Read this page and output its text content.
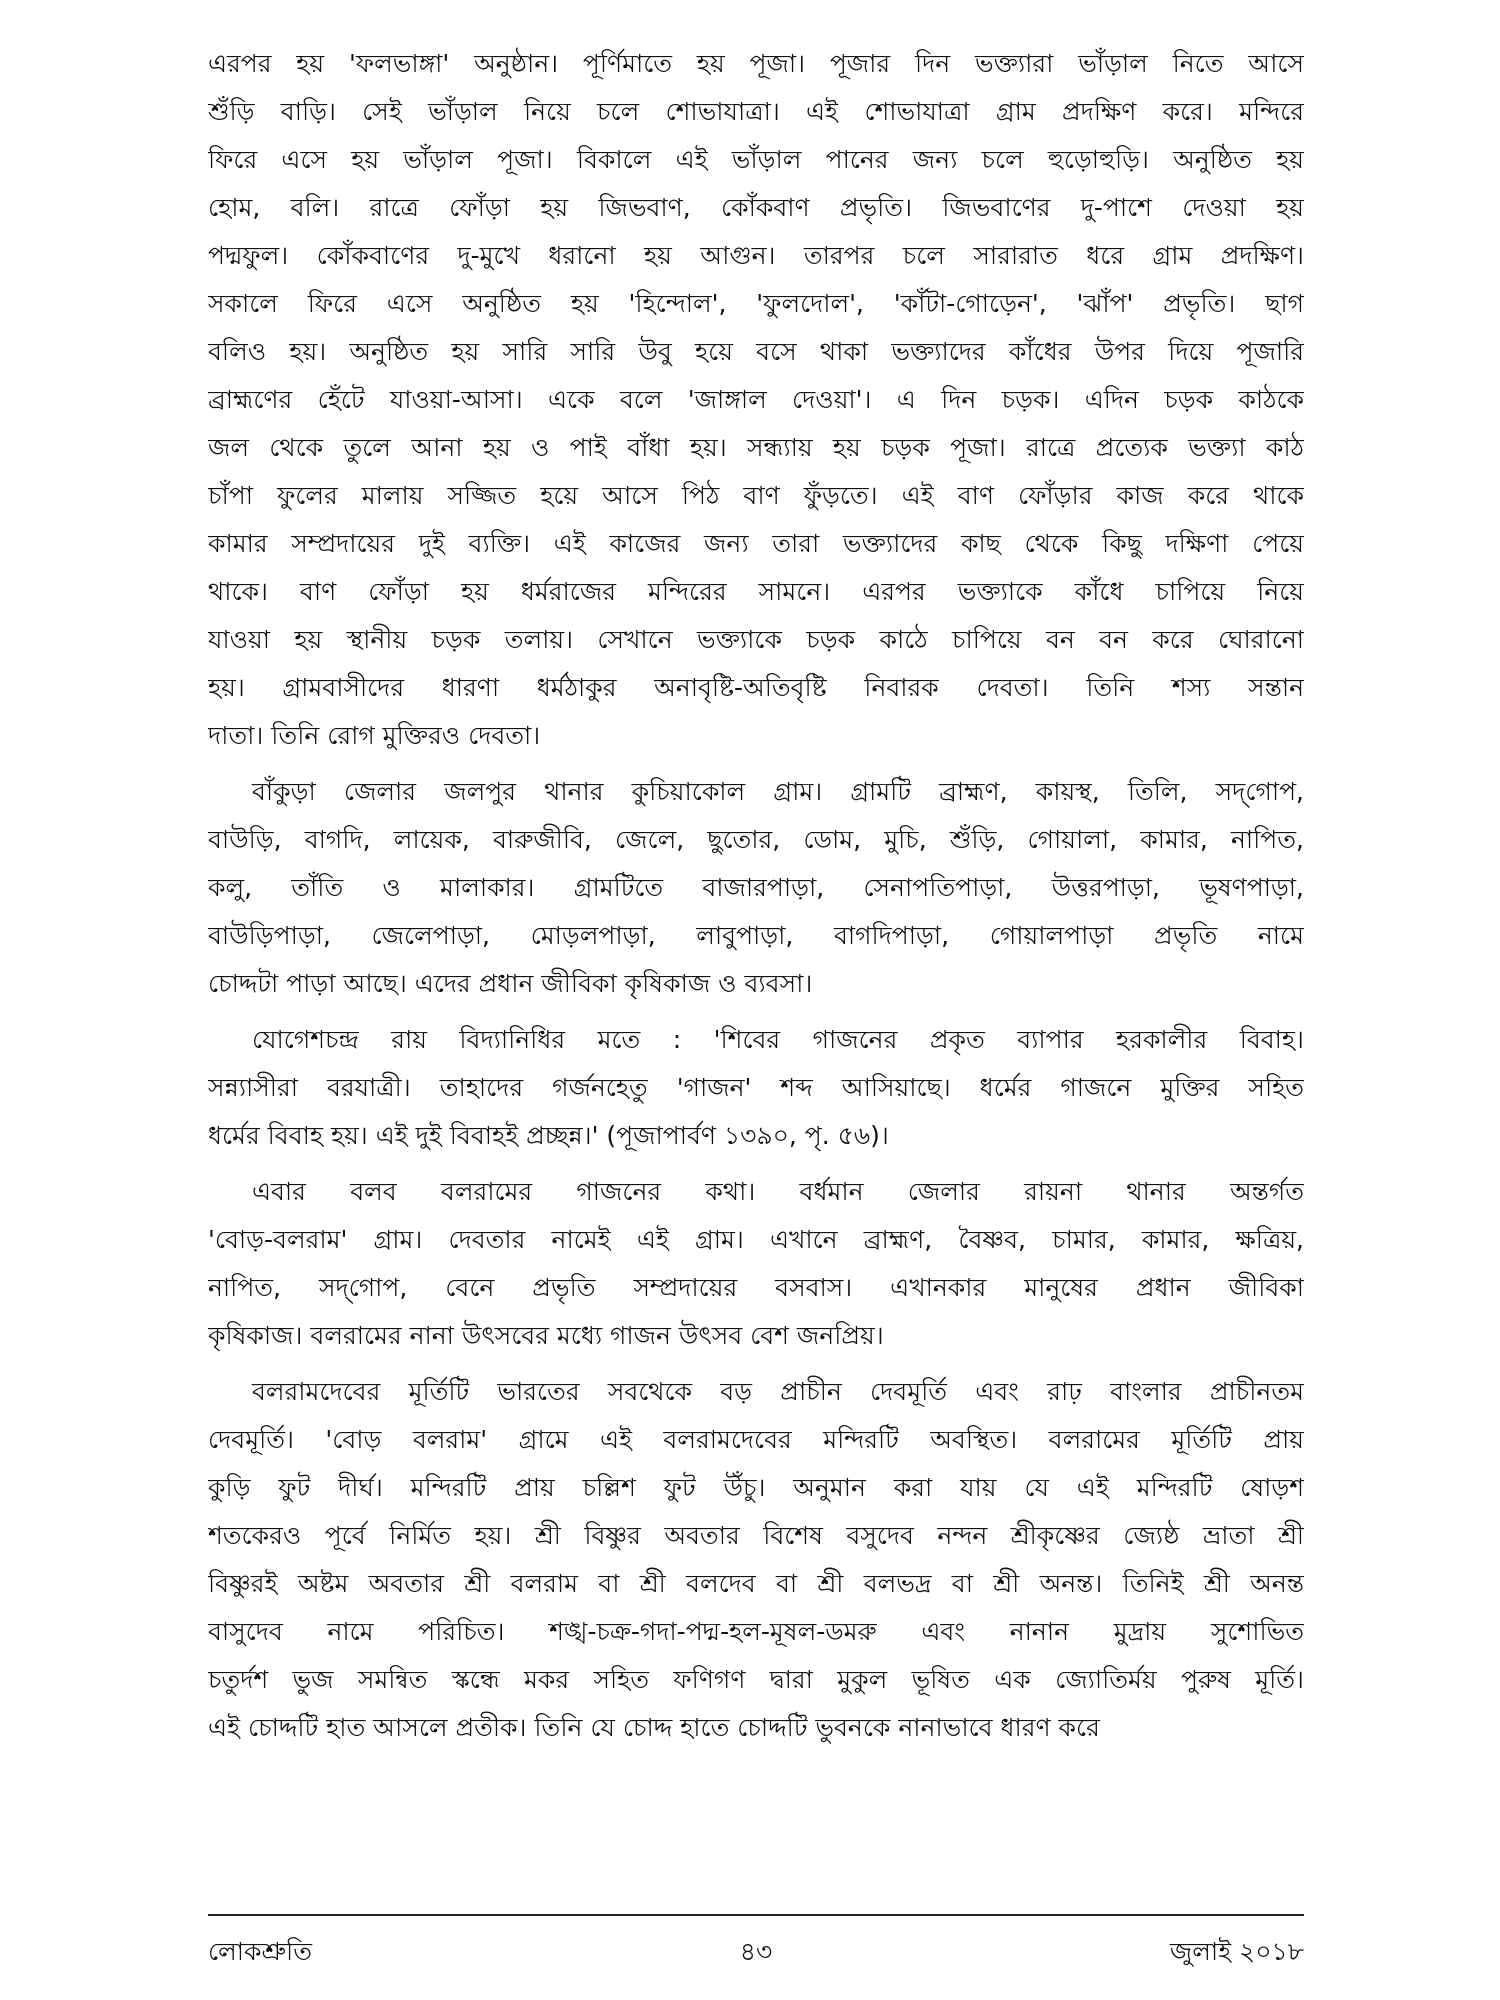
এরপর হয় 'ফলভাঙ্গা' অনুষ্ঠান। পূর্ণিমাতে হয় পূজা। পূজার দিন ভক্ত্যারা ভাঁড়াল নিতে আসে
শুঁড়ি বাড়ি। সেই ভাঁড়াল নিয়ে চলে শোভাযাত্রা। এই শোভাযাত্রা গ্রাম প্রদক্ষিণ করে। মন্দিরে
ফিরে এসে হয় ভাঁড়াল পূজা। বিকালে এই ভাঁড়াল পানের জন্য চলে হুড়োহুড়ি। অনুষ্ঠিত হয়
হোম, বলি। রাত্রে ফোঁড়া হয় জিভবাণ, কোঁকবাণ প্রভৃতি। জিভবাণের দু-পাশে দেওয়া হয়
পদ্মফুল। কোঁকবাণের দু-মুখে ধরানো হয় আগুন। তারপর চলে সারারাত ধরে গ্রাম প্রদক্ষিণ।
সকালে ফিরে এসে অনুষ্ঠিত হয় 'হিন্দোল', 'ফুলদোল', 'কাঁটা-গোড়েন', 'ঝাঁপ' প্রভৃতি। ছাগ
বলিও হয়। অনুষ্ঠিত হয় সারি সারি উবু হয়ে বসে থাকা ভক্ত্যাদের কাঁধের উপর দিয়ে পূজারি
ব্রাহ্মণের হেঁটে যাওয়া-আসা। একে বলে 'জাঙ্গাল দেওয়া'। এ দিন চড়ক। এদিন চড়ক কাঠকে
জল থেকে তুলে আনা হয় ও পাই বাঁধা হয়। সন্ধ্যায় হয় চড়ক পূজা। রাত্রে প্রত্যেক ভক্ত্যা কাঠ
চাঁপা ফুলের মালায় সজ্জিত হয়ে আসে পিঠ বাণ ফুঁড়তে। এই বাণ ফোঁড়ার কাজ করে থাকে
কামার সম্প্রদায়ের দুই ব্যক্তি। এই কাজের জন্য তারা ভক্ত্যাদের কাছ থেকে কিছু দক্ষিণা পেয়ে
থাকে। বাণ ফোঁড়া হয় ধর্মরাজের মন্দিরের সামনে। এরপর ভক্ত্যাকে কাঁধে চাপিয়ে নিয়ে
যাওয়া হয় স্থানীয় চড়ক তলায়। সেখানে ভক্ত্যাকে চড়ক কাঠে চাপিয়ে বন বন করে ঘোরানো
হয়। গ্রামবাসীদের ধারণা ধর্মঠাকুর অনাবৃষ্টি-অতিবৃষ্টি নিবারক দেবতা। তিনি শস্য সন্তান
দাতা। তিনি রোগ মুক্তিরও দেবতা।
বাঁকুড়া জেলার জলপুর থানার কুচিয়াকোল গ্রাম। গ্রামটি ব্রাহ্মণ, কায়স্থ, তিলি, সদ্‌গোপ,
বাউড়ি, বাগদি, লায়েক, বারুজীবি, জেলে, ছুতোর, ডোম, মুচি, শুঁড়ি, গোয়ালা, কামার, নাপিত,
কলু, তাঁতি ও মালাকার। গ্রামটিতে বাজারপাড়া, সেনাপতিপাড়া, উত্তরপাড়া, ভূষণপাড়া,
বাউড়িপাড়া, জেলেপাড়া, মোড়লপাড়া, লাবুপাড়া, বাগদিপাড়া, গোয়ালপাড়া প্রভৃতি নামে
চোদ্দটা পাড়া আছে। এদের প্রধান জীবিকা কৃষিকাজ ও ব্যবসা।
যোগেশচন্দ্র রায় বিদ্যানিধির মতে : 'শিবের গাজনের প্রকৃত ব্যাপার হরকালীর বিবাহ।
সন্ন্যাসীরা বরযাত্রী। তাহাদের গর্জনহেতু 'গাজন' শব্দ আসিয়াছে। ধর্মের গাজনে মুক্তির সহিত
ধর্মের বিবাহ হয়। এই দুই বিবাহই প্রচ্ছন্ন।' (পূজাপার্বণ ১৩৯০, পৃ. ৫৬)।
এবার বলব বলরামের গাজনের কথা। বর্ধমান জেলার রায়না থানার অন্তর্গত
'বোড়-বলরাম' গ্রাম। দেবতার নামেই এই গ্রাম। এখানে ব্রাহ্মণ, বৈষ্ণব, চামার, কামার, ক্ষত্রিয়,
নাপিত, সদ্‌গোপ, বেনে প্রভৃতি সম্প্রদায়ের বসবাস। এখানকার মানুষের প্রধান জীবিকা
কৃষিকাজ। বলরামের নানা উৎসবের মধ্যে গাজন উৎসব বেশ জনপ্রিয়।
বলরামদেবের মূর্তিটি ভারতের সবথেকে বড় প্রাচীন দেবমূর্তি এবং রাঢ় বাংলার প্রাচীনতম
দেবমূর্তি। 'বোড় বলরাম' গ্রামে এই বলরামদেবের মন্দিরটি অবস্থিত। বলরামের মূর্তিটি প্রায়
কুড়ি ফুট দীর্ঘ। মন্দিরটি প্রায় চল্লিশ ফুট উঁচু। অনুমান করা যায় যে এই মন্দিরটি ষোড়শ
শতকেরও পূর্বে নির্মিত হয়। শ্রী বিষ্ণুর অবতার বিশেষ বসুদেব নন্দন শ্রীকৃষ্ণের জ্যেষ্ঠ ভ্রাতা শ্রী
বিষ্ণুরই অষ্টম অবতার শ্রী বলরাম বা শ্রী বলদেব বা শ্রী বলভদ্র বা শ্রী অনন্ত। তিনিই শ্রী অনন্ত
বাসুদেব নামে পরিচিত। শঙ্খ-চক্র-গদা-পদ্ম-হল-মূষল-ডমরু এবং নানান মুদ্রায় সুশোভিত
চতুর্দশ ভুজ সমন্বিত স্কন্ধে মকর সহিত ফণিগণ দ্বারা মুকুল ভূষিত এক জ্যোতির্ময় পুরুষ মূর্তি।
এই চোদ্দটি হাত আসলে প্রতীক। তিনি যে চোদ্দ হাতে চোদ্দটি ভুবনকে নানাভাবে ধারণ করে
লোকশ্রুতি	৪৩	জুলাই ২০১৮
